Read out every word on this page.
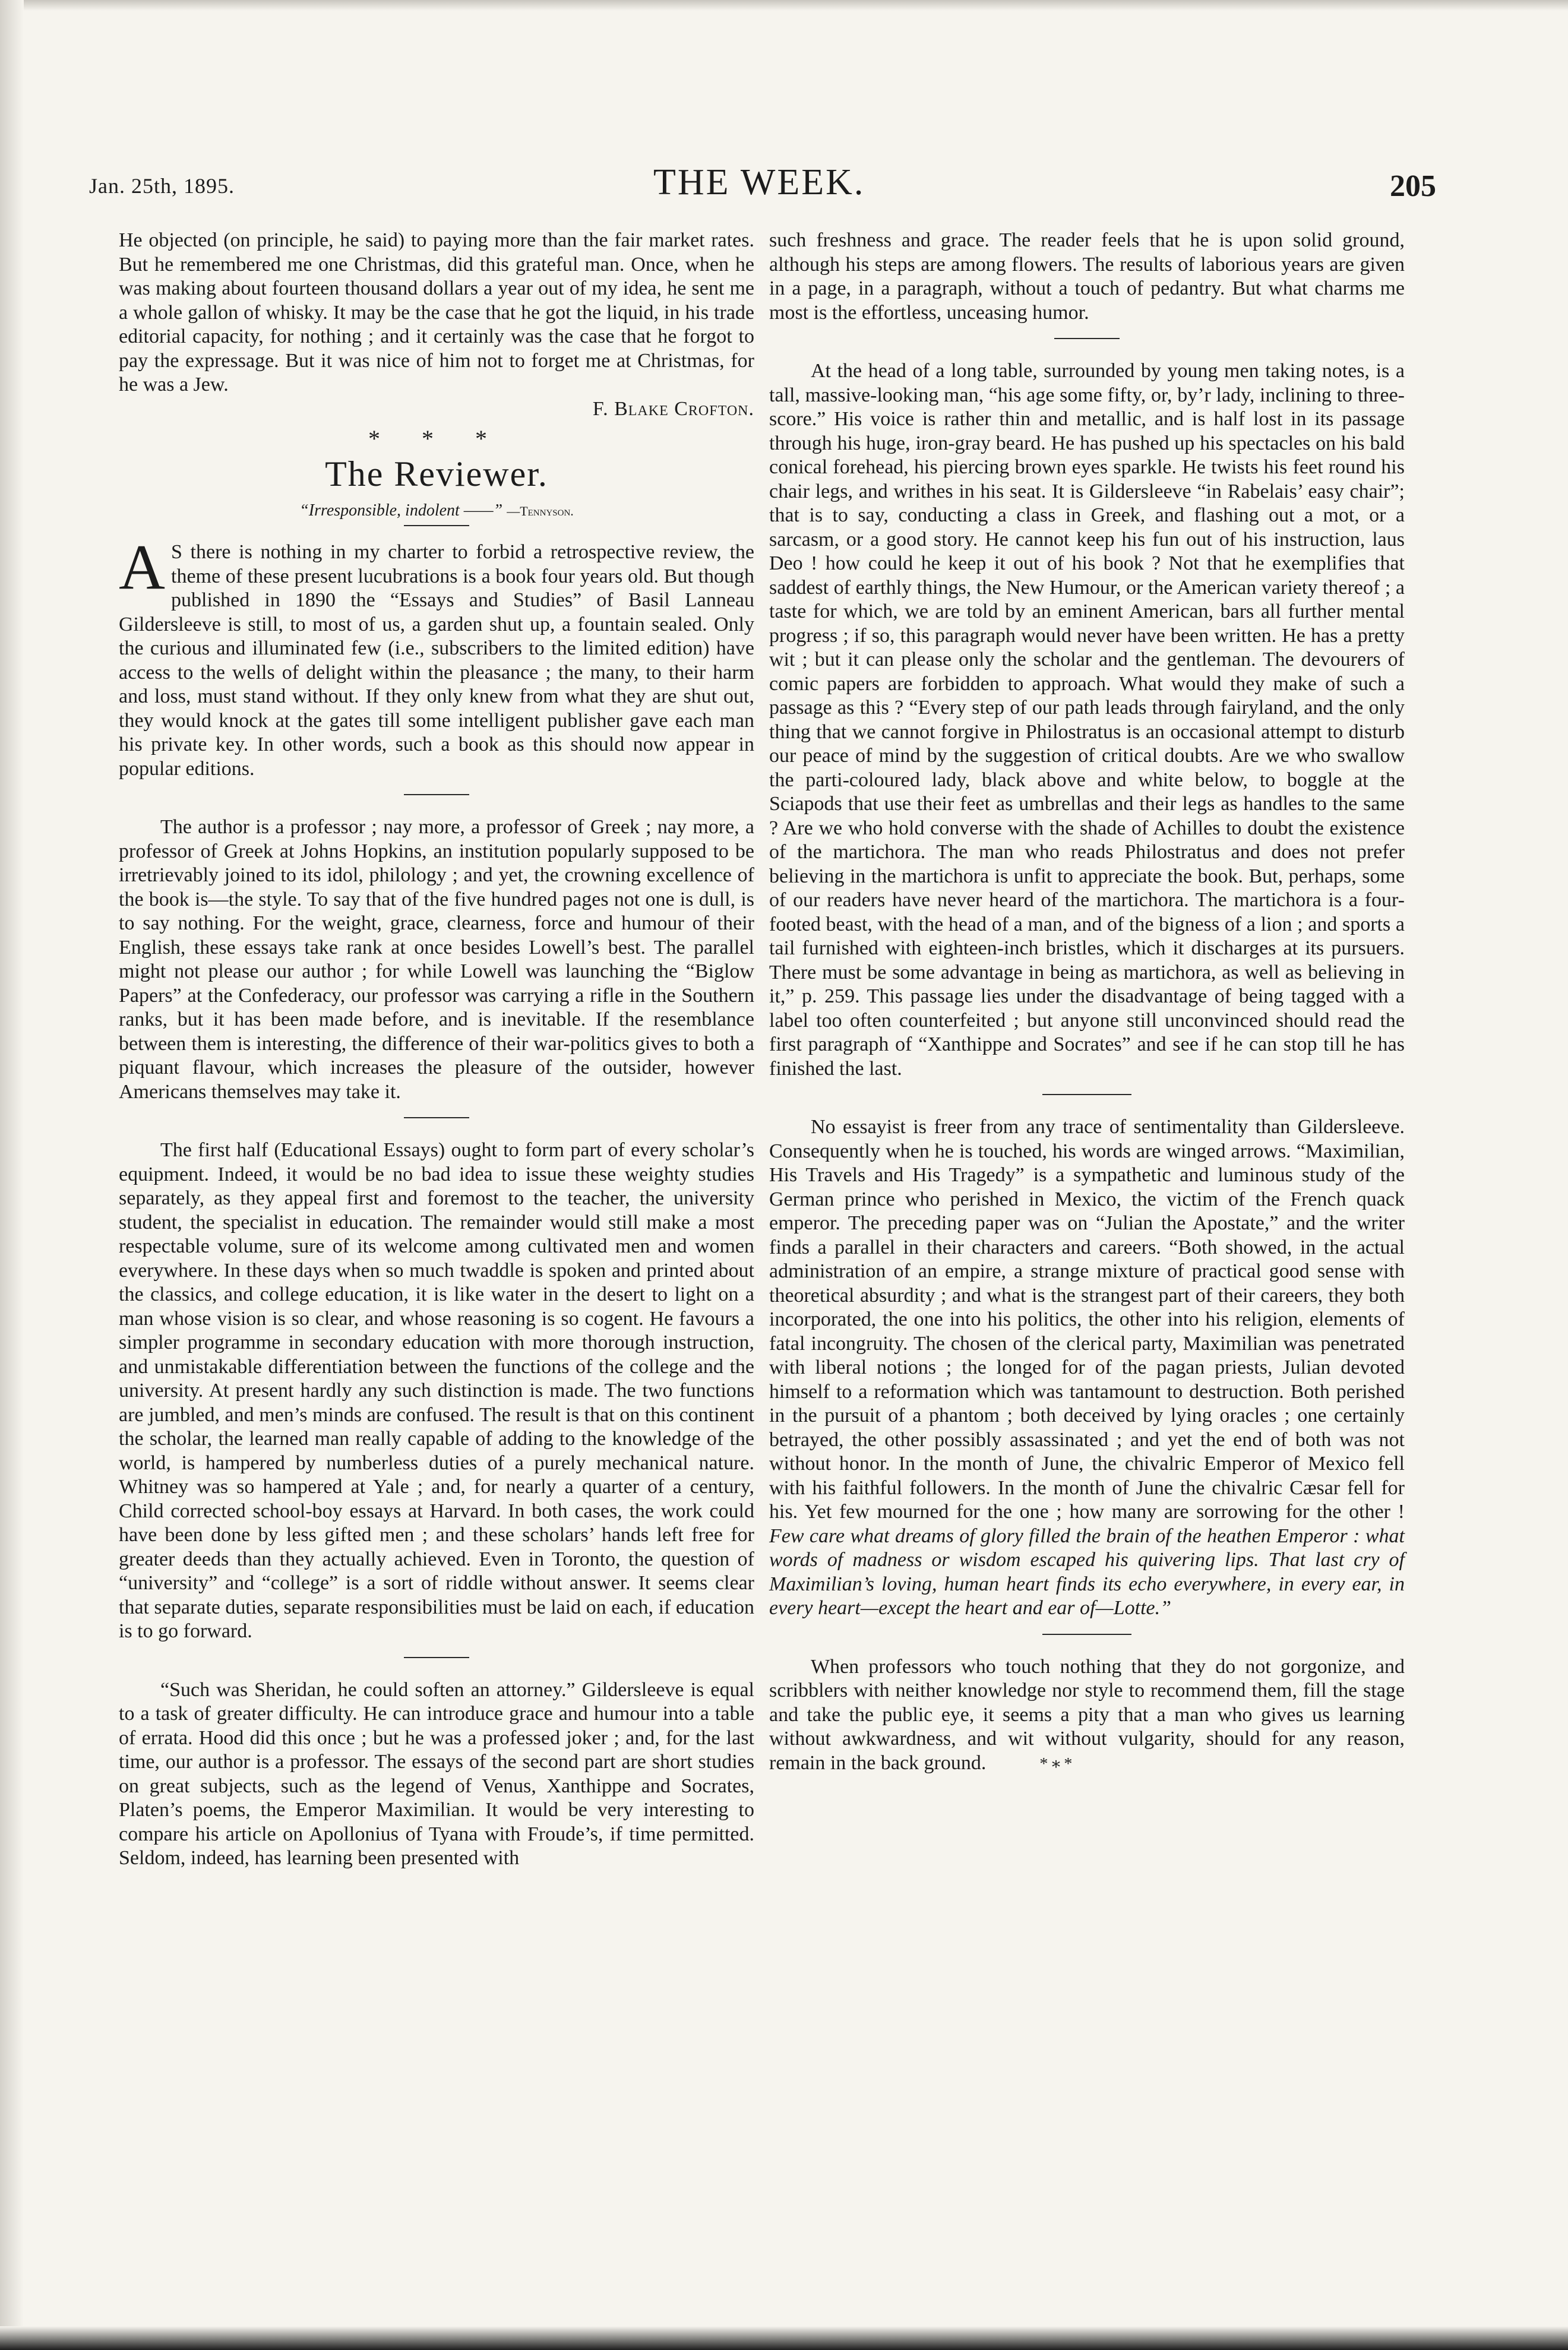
Jan. 25th, 1895.	THE WEEK.	205

He objected (on principle, he said) to paying more than the fair market rates. But he remembered me one Christmas, did this grateful man. Once, when he was making about fourteen thousand dollars a year out of my idea, he sent me a whole gallon of whisky. It may be the case that he got the liquid, in his trade editorial capacity, for nothing ; and it certainly was the case that he forgot to pay the expressage. But it was nice of him not to forget me at Christmas, for he was a Jew.

F. Blake Crofton.

* * *
The Reviewer.
“Irresponsible, indolent ——” —Tennyson.

A S there is nothing in my charter to forbid a retrospective review, the theme of these present lucubrations is a book four years old. But though published in 1890 the “Essays and Studies” of Basil Lanneau Gildersleeve is still, to most of us, a garden shut up, a fountain sealed. Only the curious and illuminated few (i.e., subscribers to the limited edition) have access to the wells of delight within the pleasance ; the many, to their harm and loss, must stand without. If they only knew from what they are shut out, they would knock at the gates till some intelligent publisher gave each man his private key. In other words, such a book as this should now appear in popular editions.

The author is a professor ; nay more, a professor of Greek ; nay more, a professor of Greek at Johns Hopkins, an institution popularly supposed to be irretrievably joined to its idol, philology ; and yet, the crowning excellence of the book is—the style. To say that of the five hundred pages not one is dull, is to say nothing. For the weight, grace, clearness, force and humour of their English, these essays take rank at once besides Lowell’s best. The parallel might not please our author ; for while Lowell was launching the “Biglow Papers” at the Confederacy, our professor was carrying a rifle in the Southern ranks, but it has been made before, and is inevitable. If the resemblance between them is interesting, the difference of their war-politics gives to both a piquant flavour, which increases the pleasure of the outsider, however Americans themselves may take it.

The first half (Educational Essays) ought to form part of every scholar’s equipment. Indeed, it would be no bad idea to issue these weighty studies separately, as they appeal first and foremost to the teacher, the university student, the specialist in education. The remainder would still make a most respectable volume, sure of its welcome among cultivated men and women everywhere. In these days when so much twaddle is spoken and printed about the classics, and college education, it is like water in the desert to light on a man whose vision is so clear, and whose reasoning is so cogent. He favours a simpler programme in secondary education with more thorough instruction, and unmistakable differentiation between the functions of the college and the university. At present hardly any such distinction is made. The two functions are jumbled, and men’s minds are confused. The result is that on this continent the scholar, the learned man really capable of adding to the knowledge of the world, is hampered by numberless duties of a purely mechanical nature. Whitney was so hampered at Yale ; and, for nearly a quarter of a century, Child corrected school-boy essays at Harvard. In both cases, the work could have been done by less gifted men ; and these scholars’ hands left free for greater deeds than they actually achieved. Even in Toronto, the question of “university” and “college” is a sort of riddle without answer. It seems clear that separate duties, separate responsibilities must be laid on each, if education is to go forward.

“Such was Sheridan, he could soften an attorney.” Gildersleeve is equal to a task of greater difficulty. He can introduce grace and humour into a table of errata. Hood did this once ; but he was a professed joker ; and, for the last time, our author is a professor. The essays of the second part are short studies on great subjects, such as the legend of Venus, Xanthippe and Socrates, Platen’s poems, the Emperor Maximilian. It would be very interesting to compare his article on Apollonius of Tyana with Froude’s, if time permitted. Seldom, indeed, has learning been presented with

such freshness and grace. The reader feels that he is upon solid ground, although his steps are among flowers. The results of laborious years are given in a page, in a paragraph, without a touch of pedantry. But what charms me most is the effortless, unceasing humor.

At the head of a long table, surrounded by young men taking notes, is a tall, massive-looking man, “his age some fifty, or, by’r lady, inclining to three-score.” His voice is rather thin and metallic, and is half lost in its passage through his huge, iron-gray beard. He has pushed up his spectacles on his bald conical forehead, his piercing brown eyes sparkle. He twists his feet round his chair legs, and writhes in his seat. It is Gildersleeve “in Rabelais’ easy chair”; that is to say, conducting a class in Greek, and flashing out a mot, or a sarcasm, or a good story. He cannot keep his fun out of his instruction, laus Deo ! how could he keep it out of his book ? Not that he exemplifies that saddest of earthly things, the New Humour, or the American variety thereof ; a taste for which, we are told by an eminent American, bars all further mental progress ; if so, this paragraph would never have been written. He has a pretty wit ; but it can please only the scholar and the gentleman. The devourers of comic papers are forbidden to approach. What would they make of such a passage as this ? “Every step of our path leads through fairyland, and the only thing that we cannot forgive in Philostratus is an occasional attempt to disturb our peace of mind by the suggestion of critical doubts. Are we who swallow the parti-coloured lady, black above and white below, to boggle at the Sciapods that use their feet as umbrellas and their legs as handles to the same ? Are we who hold converse with the shade of Achilles to doubt the existence of the martichora. The man who reads Philostratus and does not prefer believing in the martichora is unfit to appreciate the book. But, perhaps, some of our readers have never heard of the martichora. The martichora is a four-footed beast, with the head of a man, and of the bigness of a lion ; and sports a tail furnished with eighteen-inch bristles, which it discharges at its pursuers. There must be some advantage in being as martichora, as well as believing in it,” p. 259. This passage lies under the disadvantage of being tagged with a label too often counterfeited ; but anyone still unconvinced should read the first paragraph of “Xanthippe and Socrates” and see if he can stop till he has finished the last.

No essayist is freer from any trace of sentimentality than Gildersleeve. Consequently when he is touched, his words are winged arrows. “Maximilian, His Travels and His Tragedy” is a sympathetic and luminous study of the German prince who perished in Mexico, the victim of the French quack emperor. The preceding paper was on “Julian the Apostate,” and the writer finds a parallel in their characters and careers. “Both showed, in the actual administration of an empire, a strange mixture of practical good sense with theoretical absurdity ; and what is the strangest part of their careers, they both incorporated, the one into his politics, the other into his religion, elements of fatal incongruity. The chosen of the clerical party, Maximilian was penetrated with liberal notions ; the longed for of the pagan priests, Julian devoted himself to a reformation which was tantamount to destruction. Both perished in the pursuit of a phantom ; both deceived by lying oracles ; one certainly betrayed, the other possibly assassinated ; and yet the end of both was not without honor. In the month of June, the chivalric Emperor of Mexico fell with his faithful followers. In the month of June the chivalric Cæsar fell for his. Yet few mourned for the one ; how many are sorrowing for the other ! Few care what dreams of glory filled the brain of the heathen Emperor : what words of madness or wisdom escaped his quivering lips. That last cry of Maximilian’s loving, human heart finds its echo everywhere, in every ear, in every heart—except the heart and ear of—Lotte.”

When professors who touch nothing that they do not gorgonize, and scribblers with neither knowledge nor style to recommend them, fill the stage and take the public eye, it seems a pity that a man who gives us learning without awkwardness, and wit without vulgarity, should for any reason, remain in the back ground.	*∗*
